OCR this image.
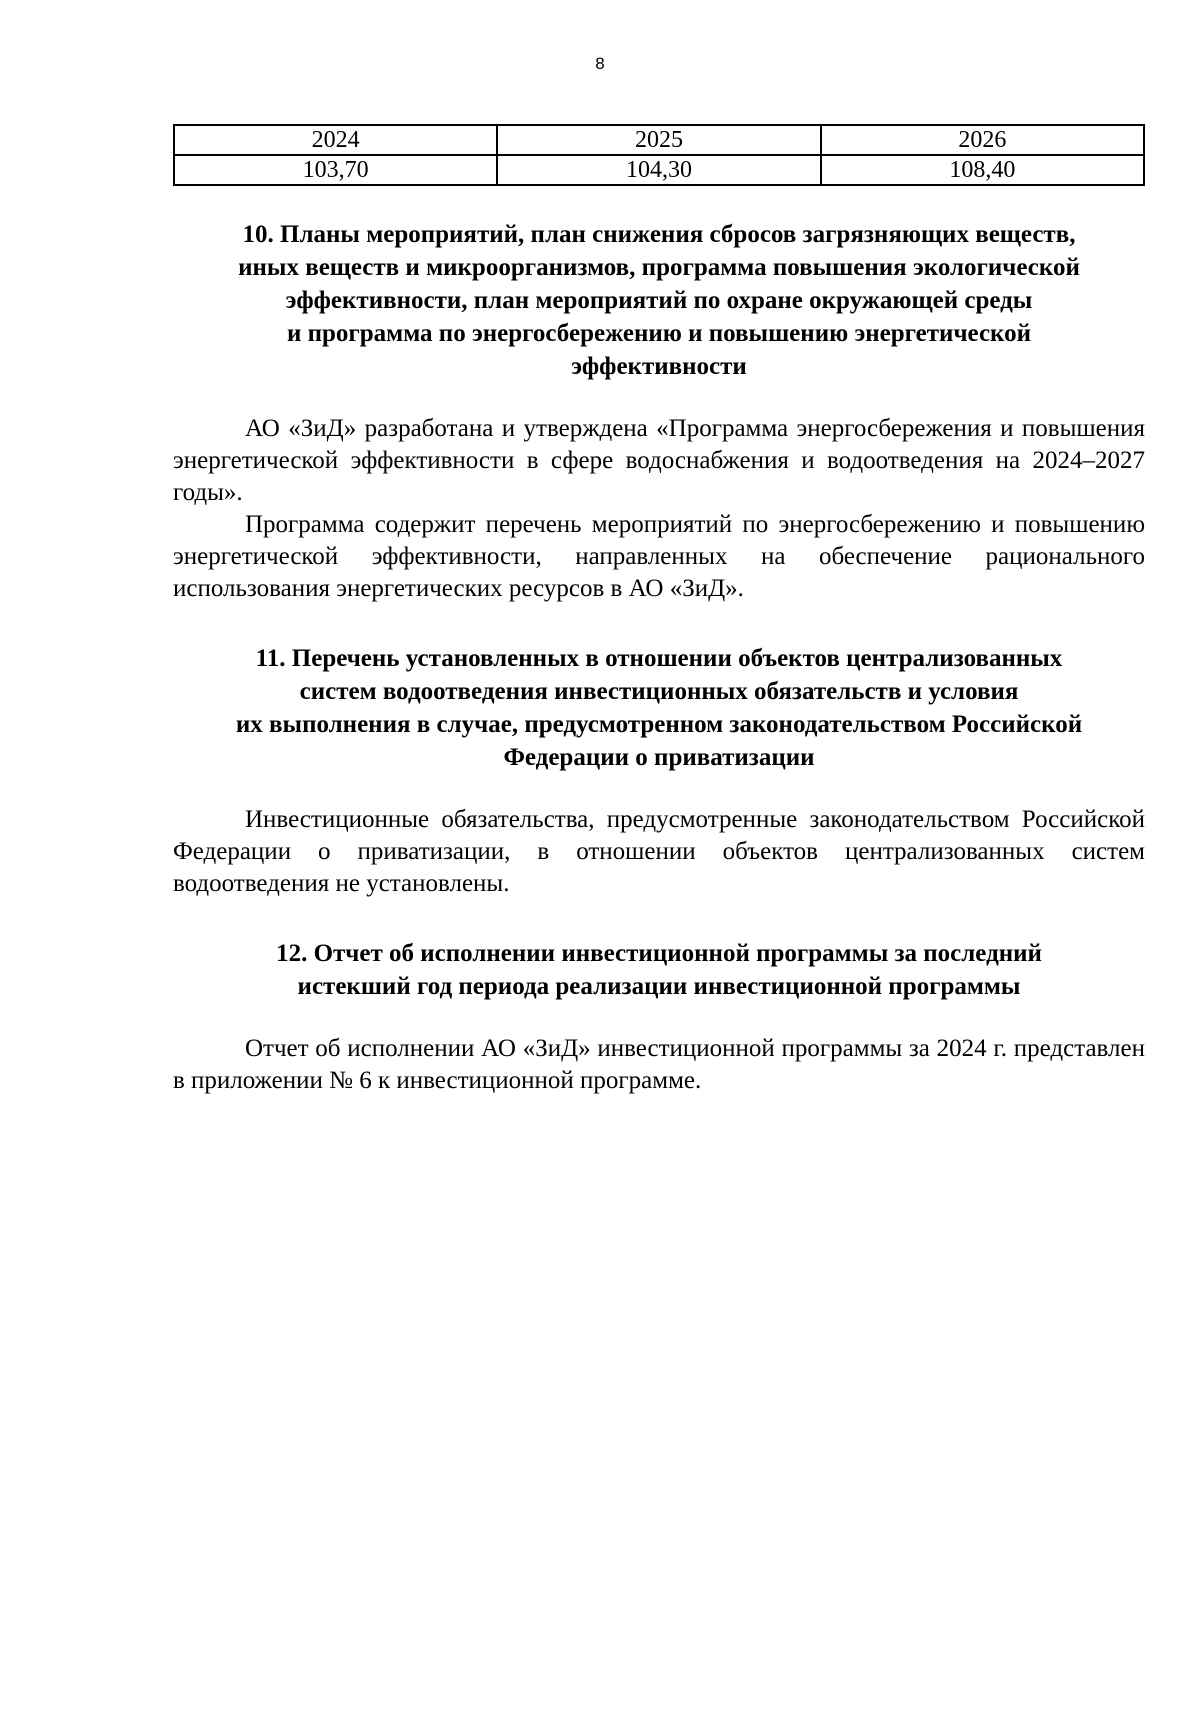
8
2024	2025	2026
103,70	104,30	108,40
10. Планы мероприятий, план снижения сбросов загрязняющих веществ,
иных веществ и микроорганизмов, программа повышения экологической
эффективности, план мероприятий по охране окружающей среды
и программа по энергосбережению и повышению энергетической
эффективности

АО «ЗиД» разработана и утверждена «Программа энергосбережения и повышения энергетической эффективности в сфере водоснабжения и водоотведения на 2024–2027 годы».

Программа содержит перечень мероприятий по энергосбережению и повышению энергетической эффективности, направленных на обеспечение рационального использования энергетических ресурсов в АО «ЗиД».

11. Перечень установленных в отношении объектов централизованных
систем водоотведения инвестиционных обязательств и условия
их выполнения в случае, предусмотренном законодательством Российской
Федерации о приватизации

Инвестиционные обязательства, предусмотренные законодательством Российской Федерации о приватизации, в отношении объектов централизованных систем водоотведения не установлены.

12. Отчет об исполнении инвестиционной программы за последний
истекший год периода реализации инвестиционной программы

Отчет об исполнении АО «ЗиД» инвестиционной программы за 2024 г. представлен в приложении № 6 к инвестиционной программе.
